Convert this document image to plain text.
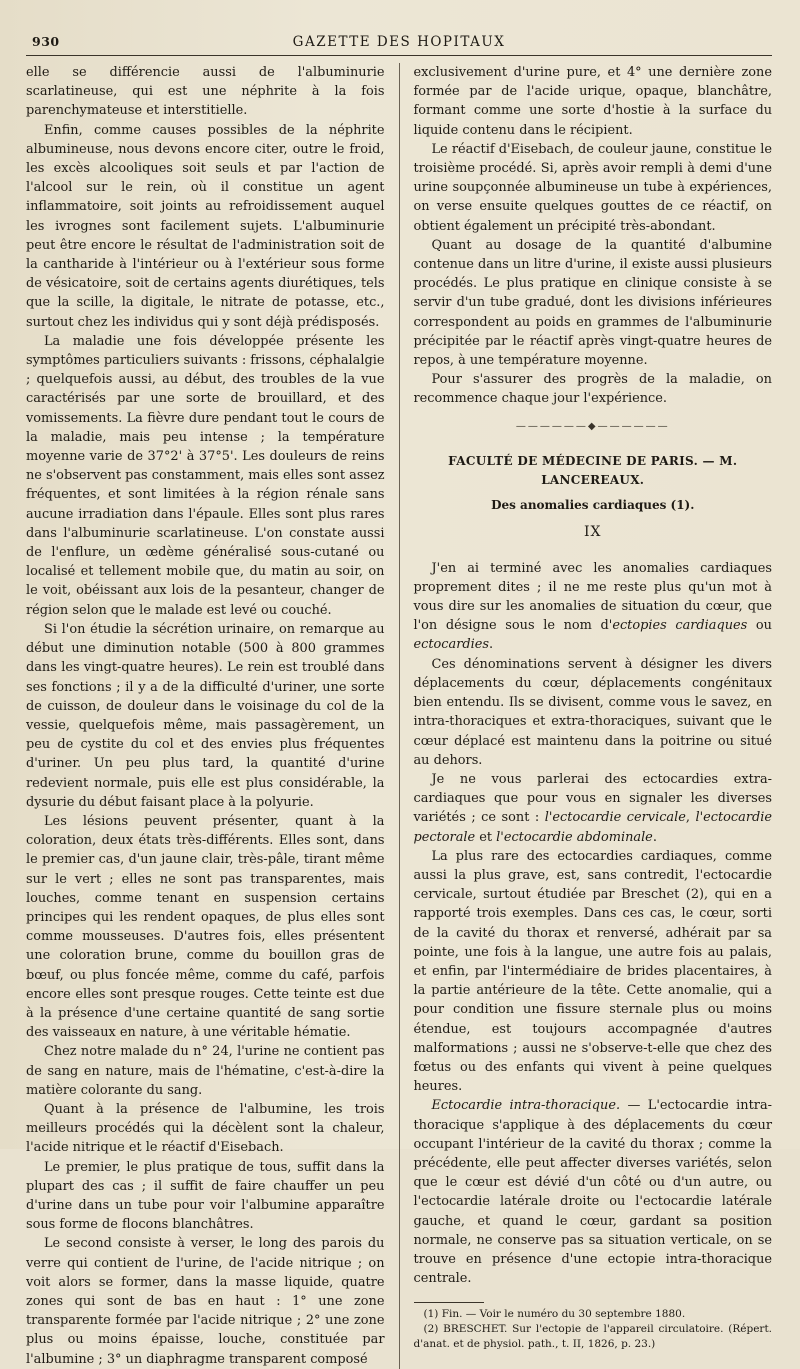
930	GAZETTE DES HOPITAUX

elle se différencie aussi de l'albuminurie scarlatineuse, qui est une néphrite à la fois parenchymateuse et interstitielle.

Enfin, comme causes possibles de la néphrite albumineuse, nous devons encore citer, outre le froid, les excès alcooliques soit seuls et par l'action de l'alcool sur le rein, où il constitue un agent inflammatoire, soit joints au refroidissement auquel les ivrognes sont facilement sujets. L'albuminurie peut être encore le résultat de l'administration soit de la cantharide à l'intérieur ou à l'extérieur sous forme de vésicatoire, soit de certains agents diurétiques, tels que la scille, la digitale, le nitrate de potasse, etc., surtout chez les individus qui y sont déjà prédisposés.

La maladie une fois développée présente les symptômes particuliers suivants : frissons, céphalalgie ; quelquefois aussi, au début, des troubles de la vue caractérisés par une sorte de brouillard, et des vomissements. La fièvre dure pendant tout le cours de la maladie, mais peu intense ; la température moyenne varie de 37°2' à 37°5'. Les douleurs de reins ne s'observent pas constamment, mais elles sont assez fréquentes, et sont limitées à la région rénale sans aucune irradiation dans l'épaule. Elles sont plus rares dans l'albuminurie scarlatineuse. L'on constate aussi de l'enflure, un œdème généralisé sous-cutané ou localisé et tellement mobile que, du matin au soir, on le voit, obéissant aux lois de la pesanteur, changer de région selon que le malade est levé ou couché.

Si l'on étudie la sécrétion urinaire, on remarque au début une diminution notable (500 à 800 grammes dans les vingt-quatre heures). Le rein est troublé dans ses fonctions ; il y a de la difficulté d'uriner, une sorte de cuisson, de douleur dans le voisinage du col de la vessie, quelquefois même, mais passagèrement, un peu de cystite du col et des envies plus fréquentes d'uriner. Un peu plus tard, la quantité d'urine redevient normale, puis elle est plus considérable, la dysurie du début faisant place à la polyurie.

Les lésions peuvent présenter, quant à la coloration, deux états très-différents. Elles sont, dans le premier cas, d'un jaune clair, très-pâle, tirant même sur le vert ; elles ne sont pas transparentes, mais louches, comme tenant en suspension certains principes qui les rendent opaques, de plus elles sont comme mousseuses. D'autres fois, elles présentent une coloration brune, comme du bouillon gras de bœuf, ou plus foncée même, comme du café, parfois encore elles sont presque rouges. Cette teinte est due à la présence d'une certaine quantité de sang sortie des vaisseaux en nature, à une véritable hématie.

Chez notre malade du n° 24, l'urine ne contient pas de sang en nature, mais de l'hématine, c'est-à-dire la matière colorante du sang.

Quant à la présence de l'albumine, les trois meilleurs procédés qui la décèlent sont la chaleur, l'acide nitrique et le réactif d'Eisebach.

Le premier, le plus pratique de tous, suffit dans la plupart des cas ; il suffit de faire chauffer un peu d'urine dans un tube pour voir l'albumine apparaître sous forme de flocons blanchâtres.

Le second consiste à verser, le long des parois du verre qui contient de l'urine, de l'acide nitrique ; on voit alors se former, dans la masse liquide, quatre zones qui sont de bas en haut : 1° une zone transparente formée par l'acide nitrique ; 2° une zone plus ou moins épaisse, louche, constituée par l'albumine ; 3° un diaphragme transparent composé

exclusivement d'urine pure, et 4° une dernière zone formée par de l'acide urique, opaque, blanchâtre, formant comme une sorte d'hostie à la surface du liquide contenu dans le récipient.

Le réactif d'Eisebach, de couleur jaune, constitue le troisième procédé. Si, après avoir rempli à demi d'une urine soupçonnée albumineuse un tube à expériences, on verse ensuite quelques gouttes de ce réactif, on obtient également un précipité très-abondant.

Quant au dosage de la quantité d'albumine contenue dans un litre d'urine, il existe aussi plusieurs procédés. Le plus pratique en clinique consiste à se servir d'un tube gradué, dont les divisions inférieures correspondent au poids en grammes de l'albuminurie précipitée par le réactif après vingt-quatre heures de repos, à une température moyenne.

Pour s'assurer des progrès de la maladie, on recommence chaque jour l'expérience.

——————◆——————
FACULTÉ DE MÉDECINE DE PARIS. — M. LANCEREAUX.
Des anomalies cardiaques (1).
IX

J'en ai terminé avec les anomalies cardiaques proprement dites ; il ne me reste plus qu'un mot à vous dire sur les anomalies de situation du cœur, que l'on désigne sous le nom d'ectopies cardiaques ou ectocardies.

Ces dénominations servent à désigner les divers déplacements du cœur, déplacements congénitaux bien entendu. Ils se divisent, comme vous le savez, en intra-thoraciques et extra-thoraciques, suivant que le cœur déplacé est maintenu dans la poitrine ou situé au dehors.

Je ne vous parlerai des ectocardies extra-cardiaques que pour vous en signaler les diverses variétés ; ce sont : l'ectocardie cervicale, l'ectocardie pectorale et l'ectocardie abdominale.

La plus rare des ectocardies cardiaques, comme aussi la plus grave, est, sans contredit, l'ectocardie cervicale, surtout étudiée par Breschet (2), qui en a rapporté trois exemples. Dans ces cas, le cœur, sorti de la cavité du thorax et renversé, adhérait par sa pointe, une fois à la langue, une autre fois au palais, et enfin, par l'intermédiaire de brides placentaires, à la partie antérieure de la tête. Cette anomalie, qui a pour condition une fissure sternale plus ou moins étendue, est toujours accompagnée d'autres malformations ; aussi ne s'observe-t-elle que chez des fœtus ou des enfants qui vivent à peine quelques heures.

Ectocardie intra-thoracique. — L'ectocardie intra-thoracique s'applique à des déplacements du cœur occupant l'intérieur de la cavité du thorax ; comme la précédente, elle peut affecter diverses variétés, selon que le cœur est dévié d'un côté ou d'un autre, ou l'ectocardie latérale droite ou l'ectocardie latérale gauche, et quand le cœur, gardant sa position normale, ne conserve pas sa situation verticale, on se trouve en présence d'une ectopie intra-thoracique centrale.

(1) Fin. — Voir le numéro du 30 septembre 1880.

(2) BRESCHET. Sur l'ectopie de l'appareil circulatoire. (Répert. d'anat. et de physiol. path., t. II, 1826, p. 23.)
